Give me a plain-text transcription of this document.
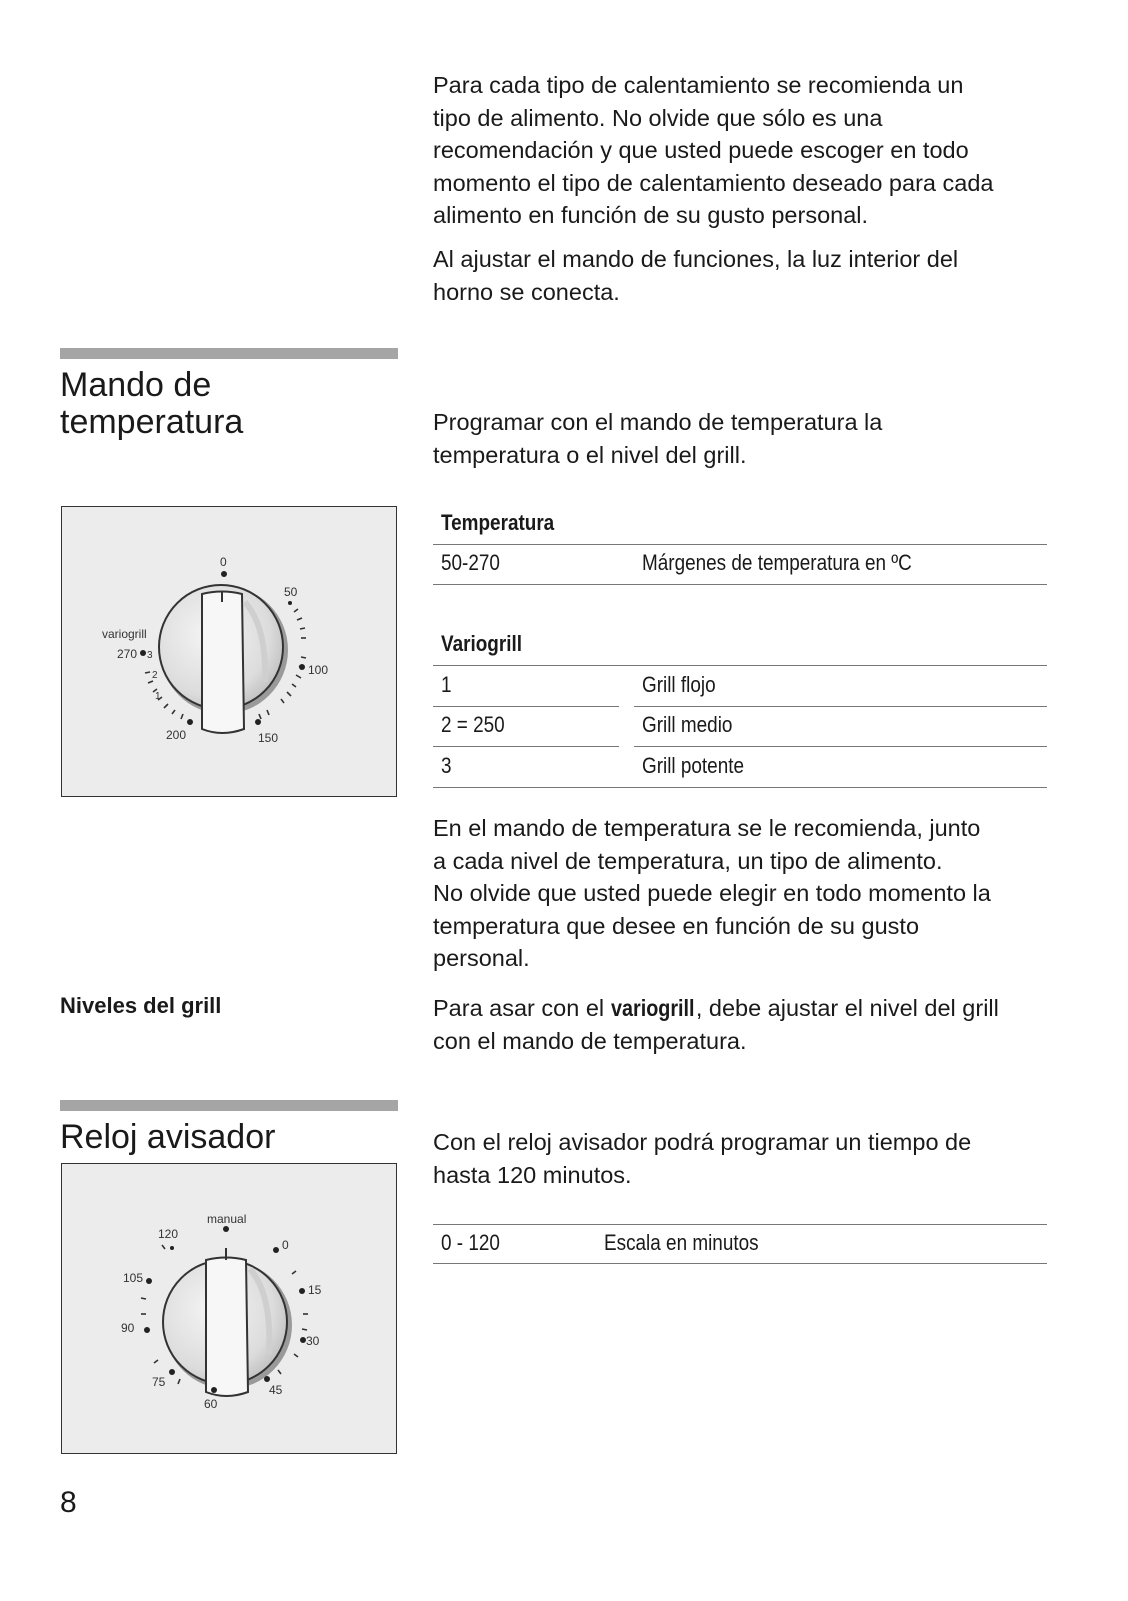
Para cada tipo de calentamiento se recomienda un
tipo de alimento. No olvide que sólo es una
recomendación y que usted puede escoger en todo
momento el tipo de calentamiento deseado para cada
alimento en función de su gusto personal.
Al ajustar el mando de funciones, la luz interior del
horno se conecta.
Mando de
temperatura	Programar con el mando de temperatura la
temperatura o el nivel del grill.
0
50
100
150
200
270
variogrill
3
2
1
Temperatura
50-270	Márgenes de temperatura en ºC
Variogrill
1	Grill flojo
2 = 250	Grill medio
3	Grill potente
En el mando de temperatura se le recomienda, junto
a cada nivel de temperatura, un tipo de alimento.
No olvide que usted puede elegir en todo momento la
temperatura que desee en función de su gusto
personal.
Niveles del grill	Para asar con el variogrill, debe ajustar el nivel del grill
con el mando de temperatura.
Reloj avisador	Con el reloj avisador podrá programar un tiempo de
hasta 120 minutos.
manual
0
15
30
45
60
75
90
105
120	0 - 120	Escala en minutos
8
